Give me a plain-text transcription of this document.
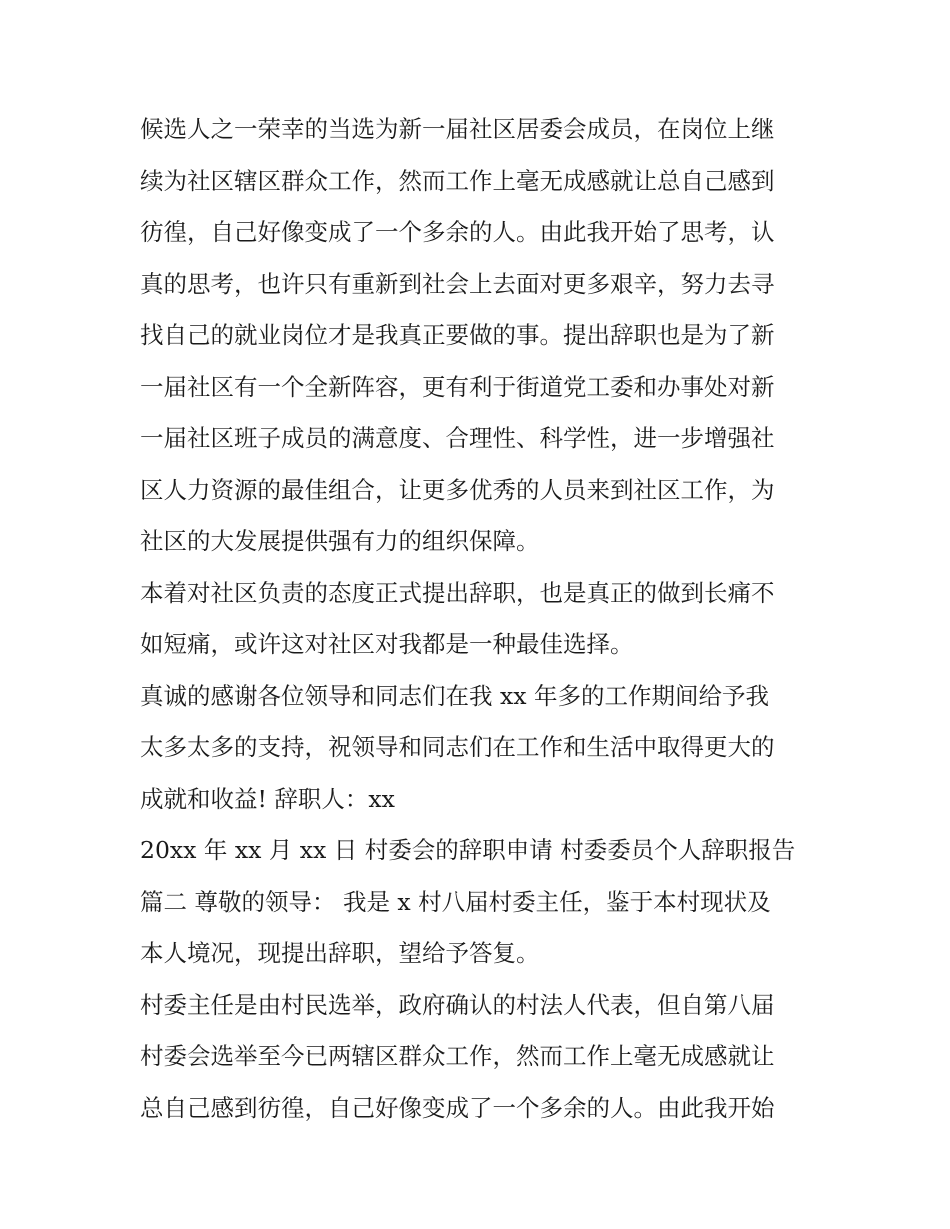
候选人之一荣幸的当选为新一届社区居委会成员，在岗位上继
续为社区辖区群众工作，然而工作上毫无成感就让总自己感到
彷徨，自己好像变成了一个多余的人。由此我开始了思考，认
真的思考，也许只有重新到社会上去面对更多艰辛，努力去寻
找自己的就业岗位才是我真正要做的事。提出辞职也是为了新
一届社区有一个全新阵容，更有利于街道党工委和办事处对新
一届社区班子成员的满意度、合理性、科学性，进一步增强社
区人力资源的最佳组合，让更多优秀的人员来到社区工作，为
社区的大发展提供强有力的组织保障。
本着对社区负责的态度正式提出辞职，也是真正的做到长痛不
如短痛，或许这对社区对我都是一种最佳选择。
真诚的感谢各位领导和同志们在我 xx 年多的工作期间给予我
太多太多的支持，祝领导和同志们在工作和生活中取得更大的
成就和收益! 辞职人：xx
20xx 年 xx 月 xx 日 村委会的辞职申请 村委委员个人辞职报告
篇二 尊敬的领导： 我是 x 村八届村委主任，鉴于本村现状及
本人境况，现提出辞职，望给予答复。
村委主任是由村民选举，政府确认的村法人代表，但自第八届
村委会选举至今已两辖区群众工作，然而工作上毫无成感就让
总自己感到彷徨，自己好像变成了一个多余的人。由此我开始
